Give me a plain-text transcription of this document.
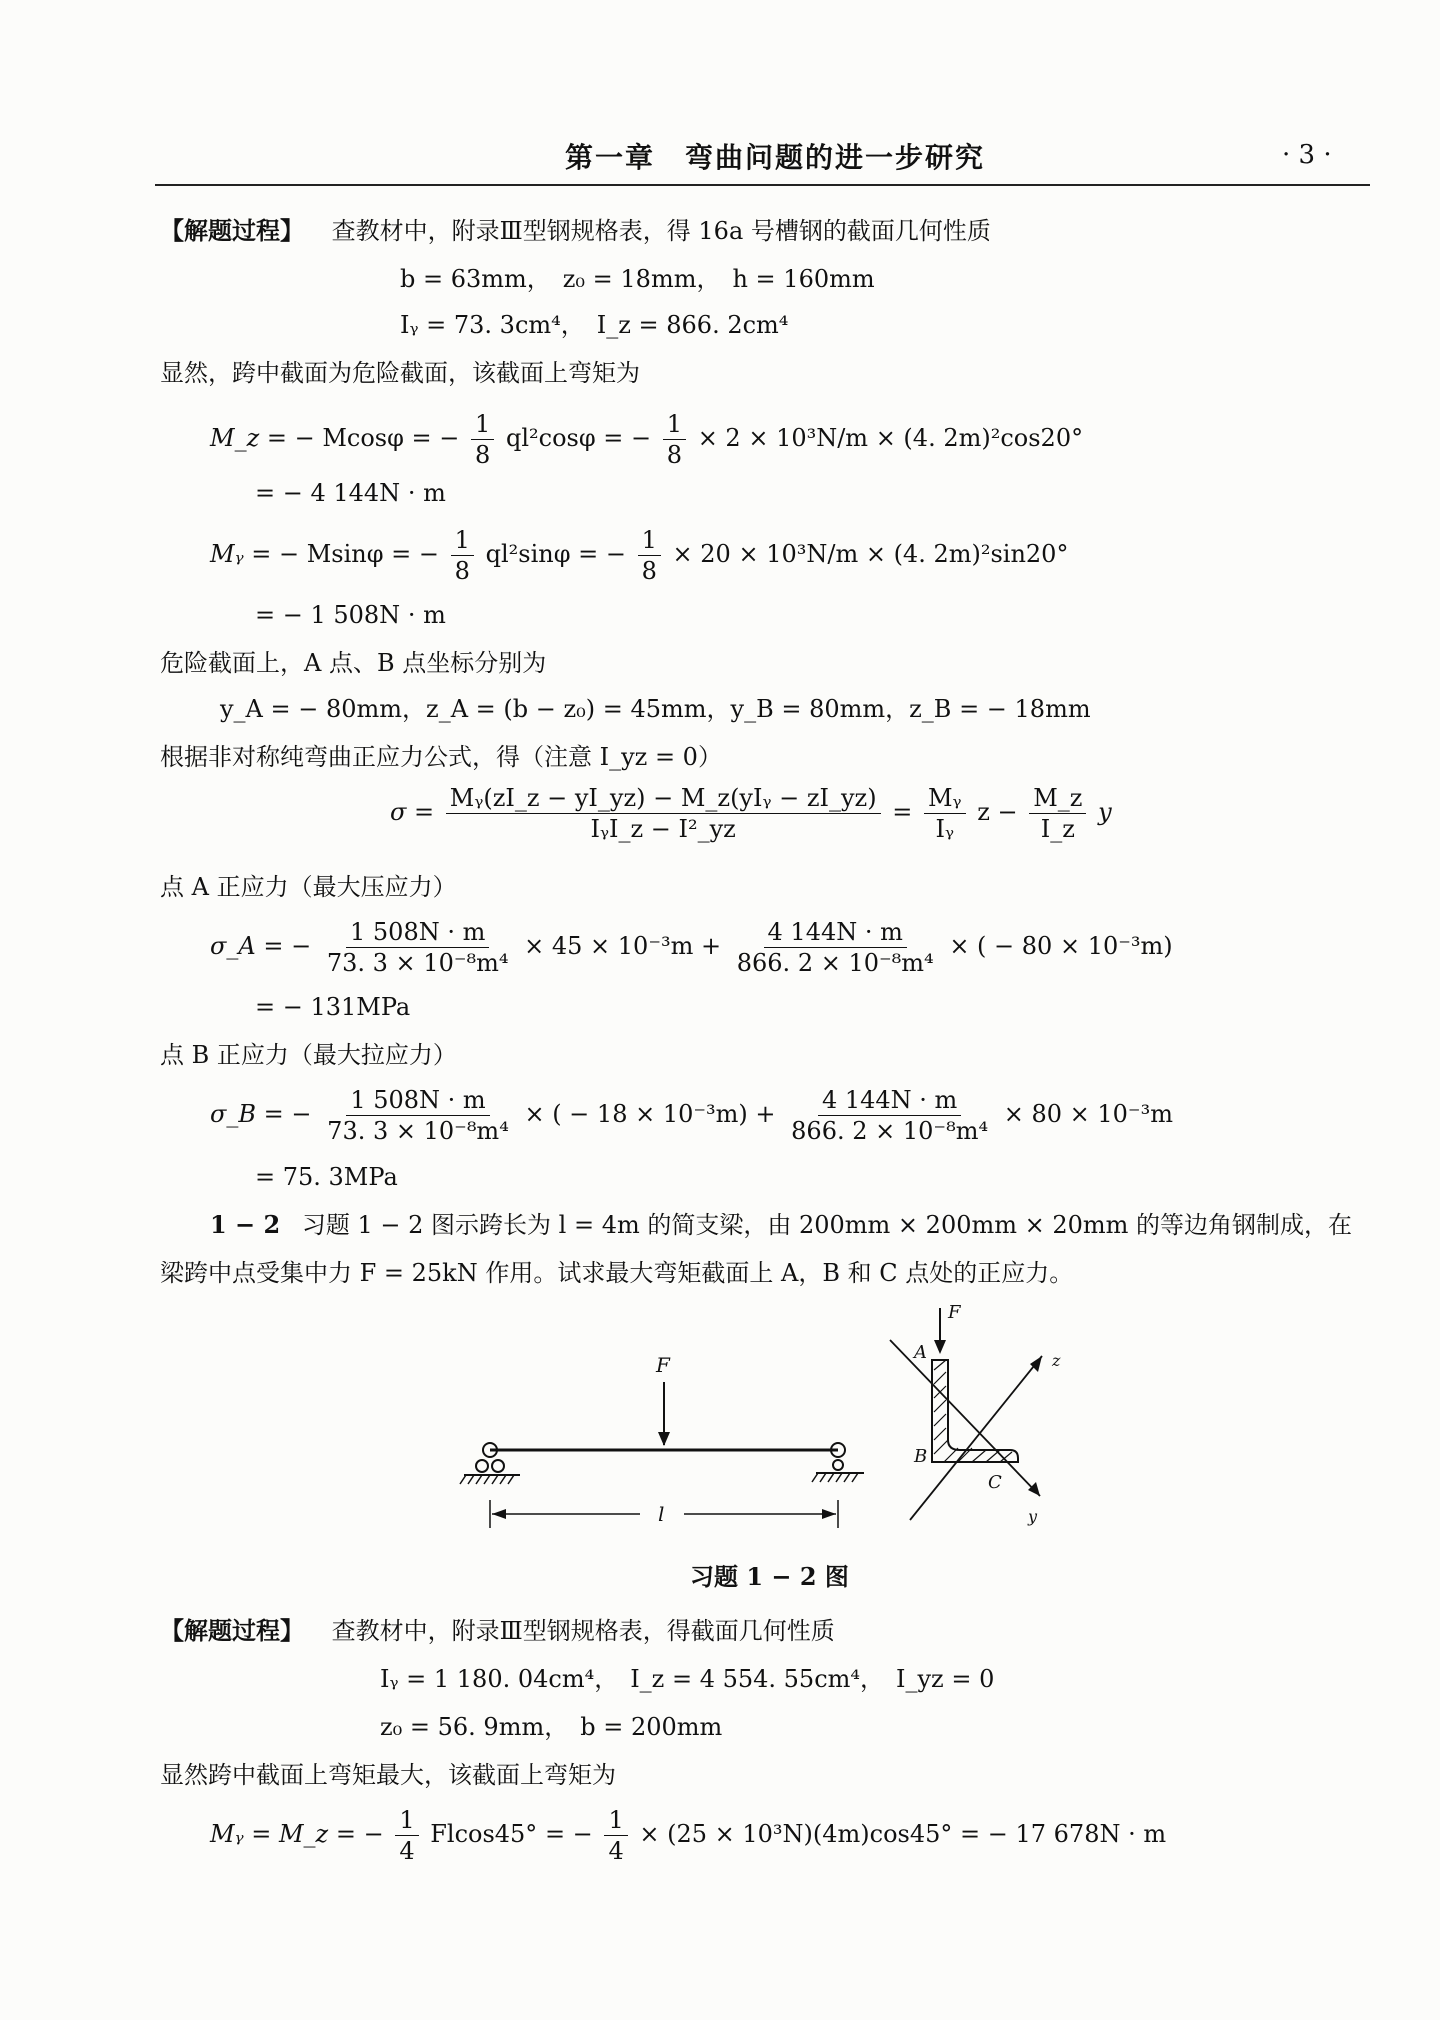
第一章　弯曲问题的进一步研究	· 3 ·
【解题过程】 查教材中，附录Ⅲ型钢规格表，得 16a 号槽钢的截面几何性质
b = 63mm，　z₀ = 18mm，　h = 160mm
Iᵧ = 73. 3cm⁴，　I_z = 866. 2cm⁴
显然，跨中截面为危险截面，该截面上弯矩为
M_z = − Mcosφ = − $\frac{1}{8} ql^2\cos\varphi$ = − $\frac{1}{8} \times 2 \times 10^3N/m \times (4$. 2m)²cos20°
= − 4 144N · m
Mᵧ = − Msinφ = − $\frac{1}{8} ql^2\sin\varphi$ = − $\frac{1}{8} \times 20 \times 10^3N/m \times (4$. 2m)²sin20°
= − 1 508N · m
危险截面上，A 点、B 点坐标分别为
y_A = − 80mm，z_A = (b − z₀) = 45mm，y_B = 80mm，z_B = − 18mm
根据非对称纯弯曲正应力公式，得（注意 I_yz = 0）
$\sigma = \frac{\text{Mᵧ(zI\_z − yI\_yz) − M\_z(yIᵧ − zI\_yz)}}{\text{IᵧI\_z − I²\_yz}} = \frac{\text{Mᵧ}}{\text{Iᵧ}}$ $z - \frac{M\_z}{I\_z}$ y
点 A 正应力（最大压应力）
σ_A = − $\frac{1 508N \cdot m}{\text{73. 3 × 10⁻⁸m⁴}} \times 45 \times 10^{-3}m + \frac{4 144N \cdot m}{\text{866. 2 × 10⁻⁸m⁴}}$ × ( − 80 × 10⁻³m)
= − 131MPa
点 B 正应力（最大拉应力）
σ_B = − $\frac{1 508N \cdot m}{\text{73. 3 × 10⁻⁸m⁴}}$ × ( − $18 \times 10^{-3}m) + \frac{4 144N \cdot m}{\text{866. 2 × 10⁻⁸m⁴}} \times 80 \times 10^{-3}m$
= 75. 3MPa
1 − 2 习题 1 − 2 图示跨长为 l = 4m 的简支梁，由 200mm × 200mm × 20mm 的等边角钢制成，在
梁跨中点受集中力 F = 25kN 作用。试求最大弯矩截面上 A，B 和 C 点处的正应力。
F
l
F
z
y
A
B
C
习题 1 − 2 图
【解题过程】 查教材中，附录Ⅲ型钢规格表，得截面几何性质
Iᵧ = 1 180. 04cm⁴，　I_z = 4 554. 55cm⁴，　I_yz = 0
z₀ = 56. 9mm，　b = 200mm
显然跨中截面上弯矩最大，该截面上弯矩为
Mᵧ = M_z = − $\frac{1}{4} Flcos45^\circ$ = − $\frac{1}{4} \times (25 \times 10^3N)(4m)\cos 45^\circ$ = − 17 678N · m
